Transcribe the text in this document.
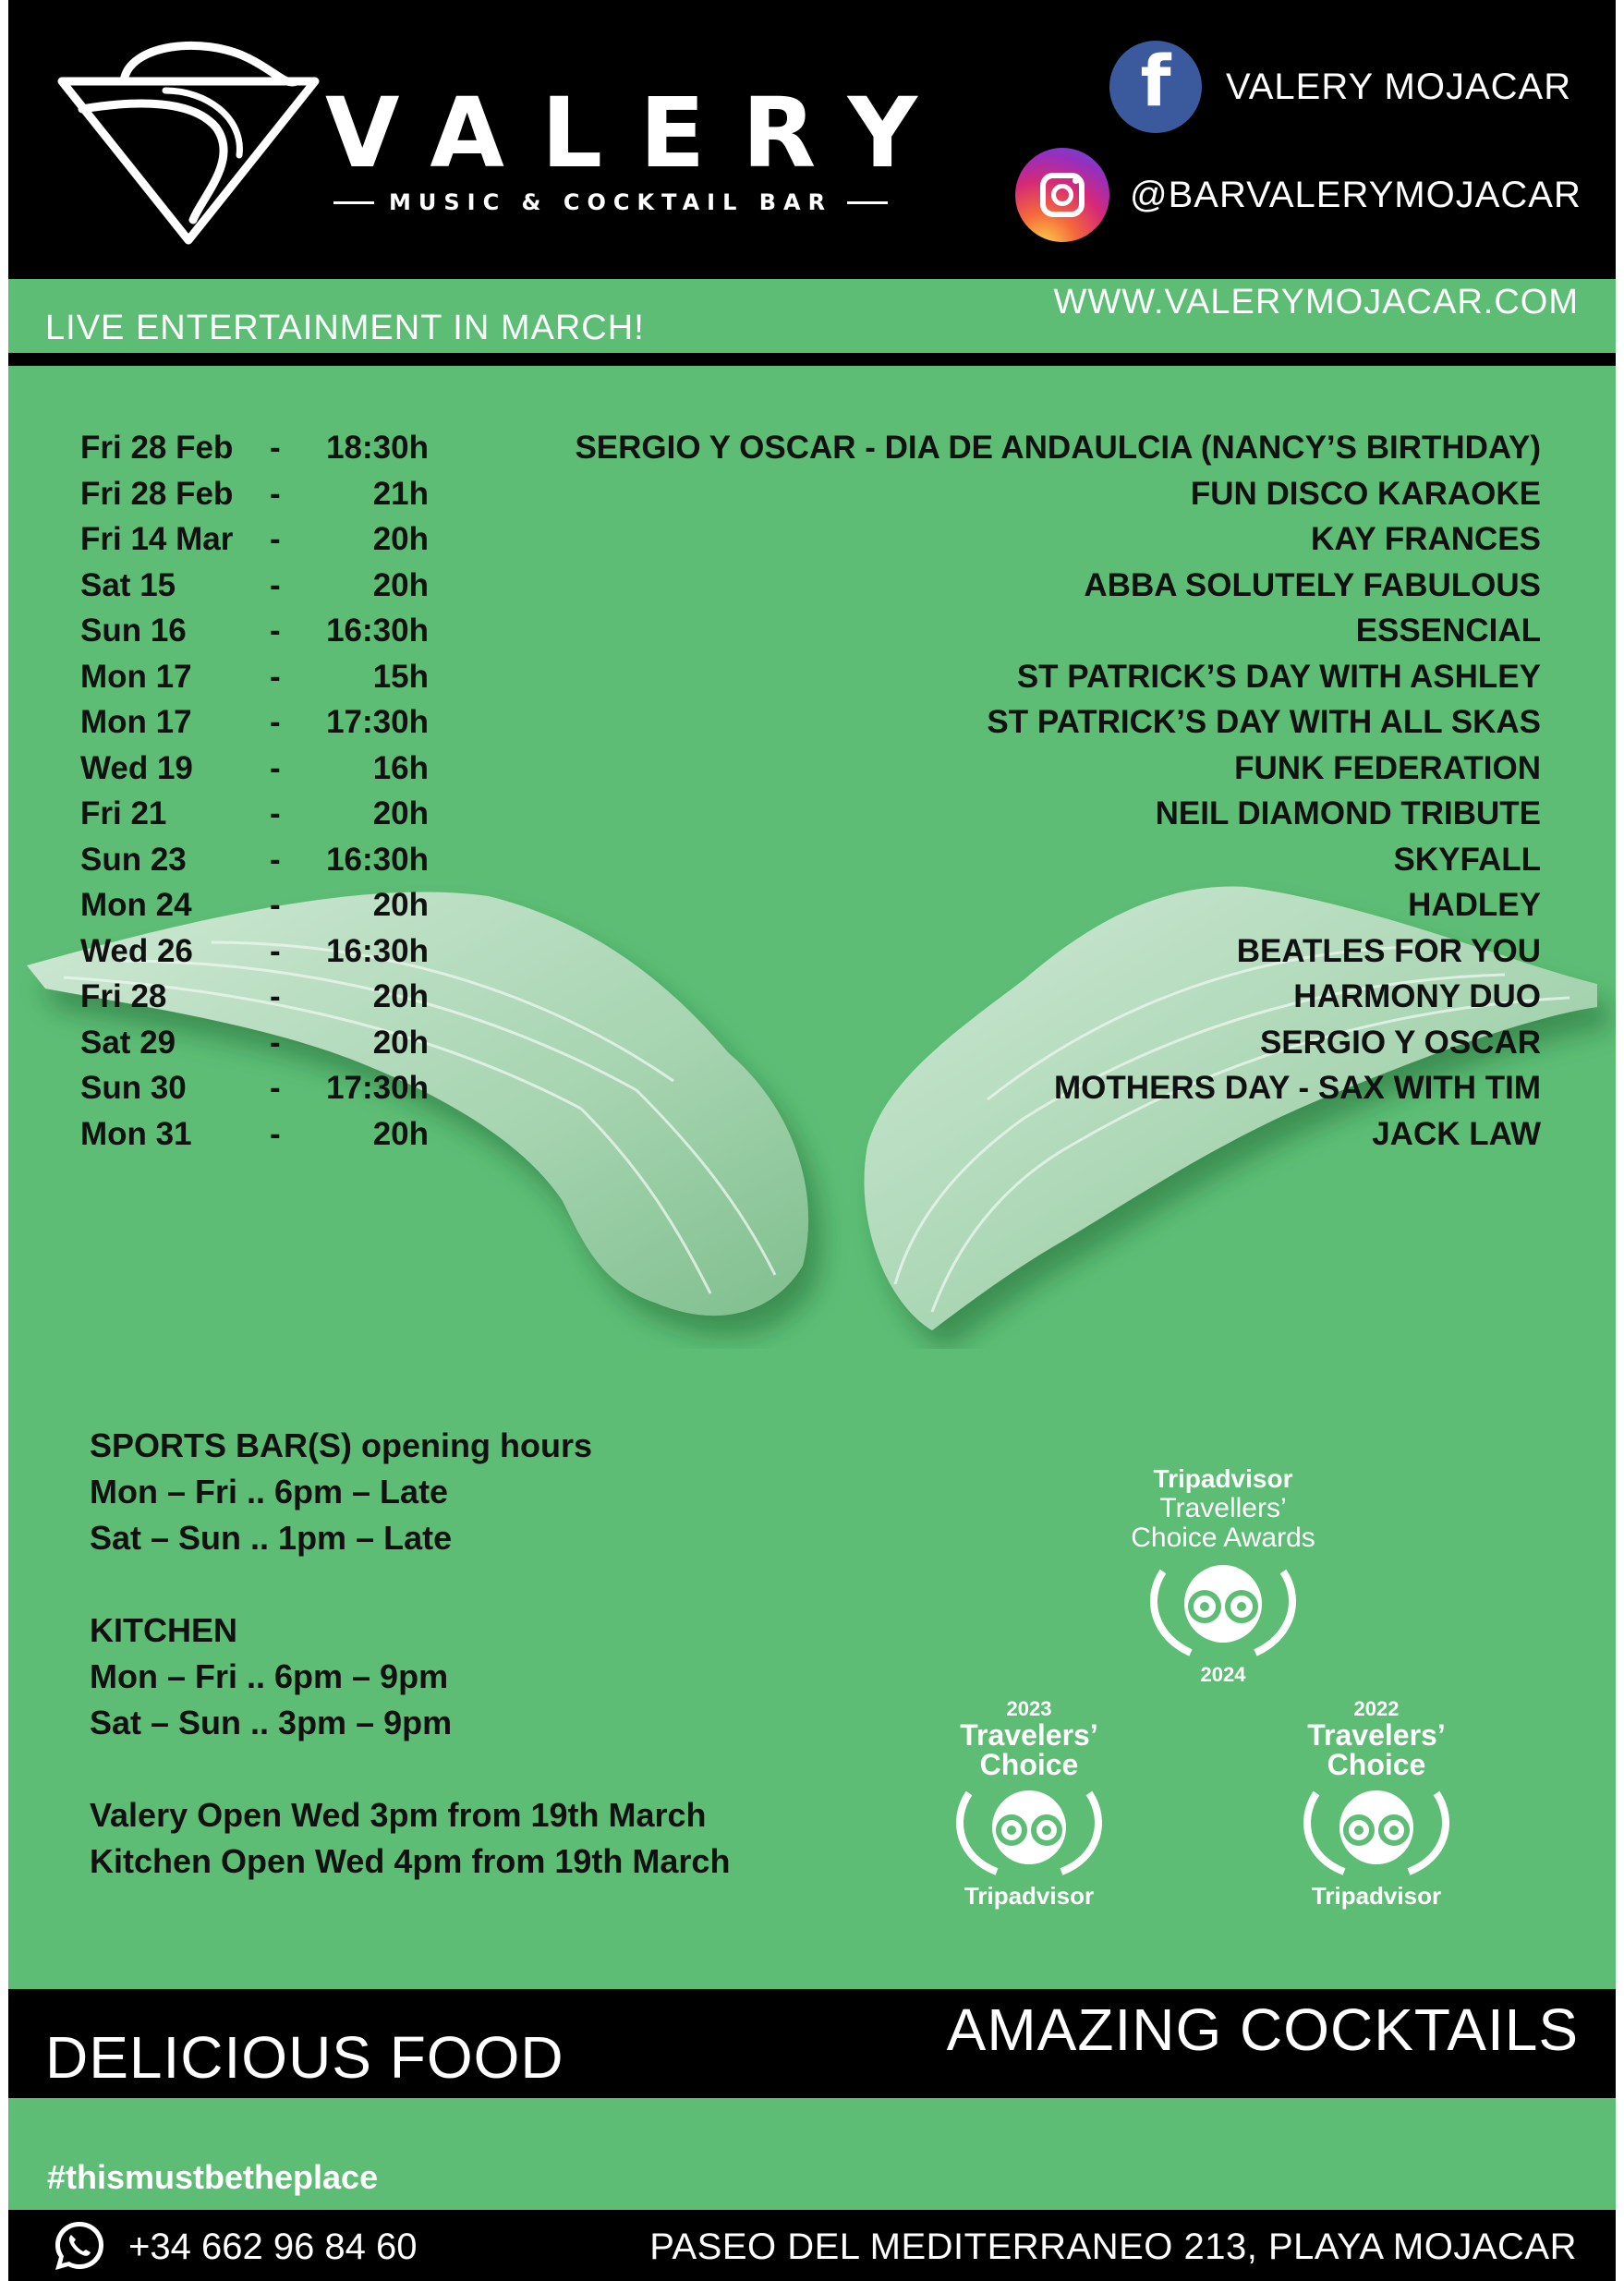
VALERY
MUSIC & COCKTAIL BAR
f	VALERY MOJACAR
@BARVALERYMOJACAR
WWW.VALERYMOJACAR.COM
LIVE ENTERTAINMENT IN MARCH!
Fri 28 Feb -	18:30h	SERGIO Y OSCAR - DIA DE ANDAULCIA (NANCY’S BIRTHDAY)
Fri 28 Feb -	21h	FUN DISCO KARAOKE
Fri 14 Mar -	20h	KAY FRANCES
Sat 15	-	20h	ABBA SOLUTELY FABULOUS
Sun 16	-	16:30h	ESSENCIAL
Mon 17 -	15h	ST PATRICK’S DAY WITH ASHLEY
Mon 17 -	17:30h	ST PATRICK’S DAY WITH ALL SKAS
Wed 19 -	16h	FUNK FEDERATION
Fri 21	-	20h	NEIL DIAMOND TRIBUTE
Sun 23	-	16:30h	SKYFALL
Mon 24 -	20h	HADLEY
Wed 26 -	16:30h	BEATLES FOR YOU
Fri 28	-	20h	HARMONY DUO
Sat 29	-	20h	SERGIO Y OSCAR
Sun 30	-	17:30h	MOTHERS DAY - SAX WITH TIM
Mon 31 -	20h	JACK LAW
SPORTS BAR(S) opening hours
Mon – Fri .. 6pm – Late
Sat – Sun .. 1pm – Late
KITCHEN
Mon – Fri .. 6pm – 9pm
Sat – Sun .. 3pm – 9pm
Valery Open Wed 3pm from 19th March
Kitchen Open Wed 4pm from 19th March
Tripadvisor
Travellers’
Choice Awards
2024
2023
Travelers’
Choice
Tripadvisor
2022
Travelers’
Choice
Tripadvisor
DELICIOUS FOOD	AMAZING COCKTAILS
#thismustbetheplace
+34 662 96 84 60	PASEO DEL MEDITERRANEO 213, PLAYA MOJACAR
